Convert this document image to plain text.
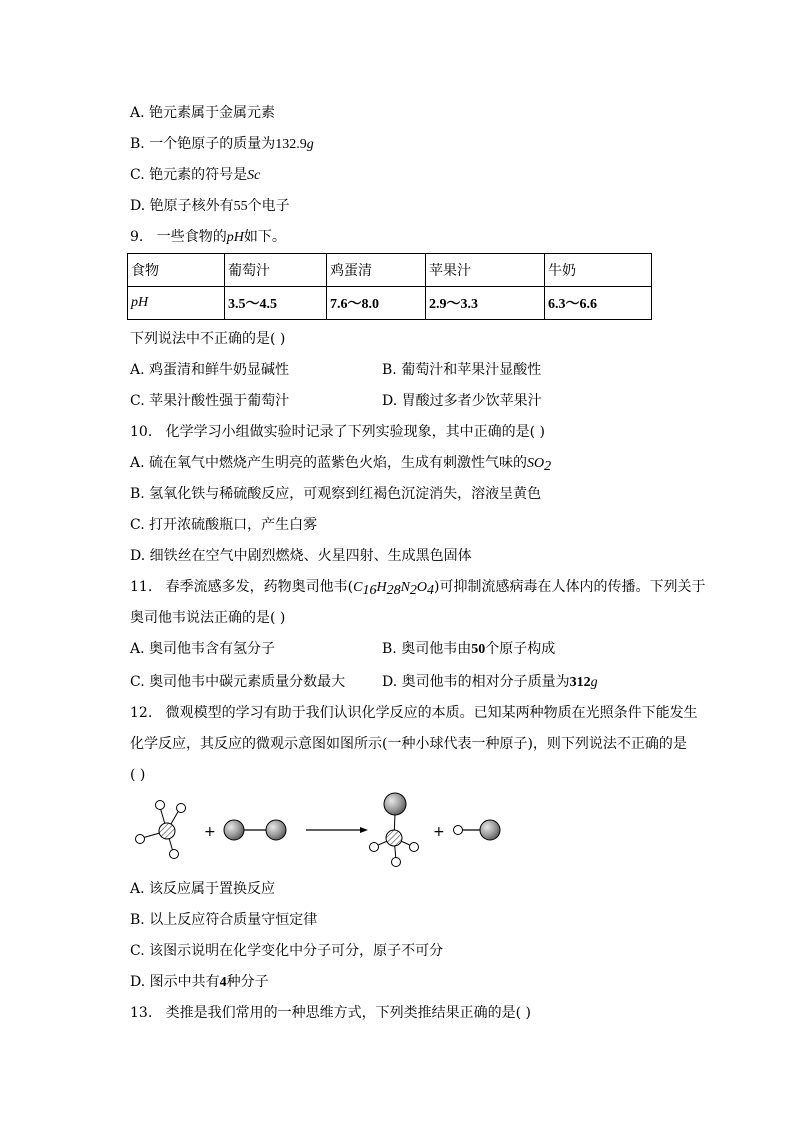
A. 铯元素属于金属元素
B. 一个铯原子的质量为132.9g
C. 铯元素的符号是Sc
D. 铯原子核外有55个电子
9. 一些食物的pH如下。
食物	葡萄汁	鸡蛋清	苹果汁	牛奶
pH	3.5～4.5	7.6～8.0	2.9～3.3	6.3～6.6
下列说法中不正确的是( )
A. 鸡蛋清和鲜牛奶显碱性	B. 葡萄汁和苹果汁显酸性
C. 苹果汁酸性强于葡萄汁	D. 胃酸过多者少饮苹果汁
10. 化学学习小组做实验时记录了下列实验现象，其中正确的是( )
A. 硫在氧气中燃烧产生明亮的蓝紫色火焰，生成有刺激性气味的$SO_2$
B. 氢氧化铁与稀硫酸反应，可观察到红褐色沉淀消失，溶液呈黄色
C. 打开浓硫酸瓶口，产生白雾
D. 细铁丝在空气中剧烈燃烧、火星四射、生成黑色固体
11. 春季流感多发，药物奥司他韦$(C_{16}H_{28}N_2O_4)$可抑制流感病毒在人体内的传播。下列关于
奥司他韦说法正确的是( )
A. 奥司他韦含有氢分子	B. 奥司他韦由50个原子构成
C. 奥司他韦中碳元素质量分数最大	D. 奥司他韦的相对分子质量为312g
12. 微观模型的学习有助于我们认识化学反应的本质。已知某两种物质在光照条件下能发生
化学反应，其反应的微观示意图如图所示(一种小球代表一种原子)，则下列说法不正确的是
( )
+	+
A. 该反应属于置换反应
B. 以上反应符合质量守恒定律
C. 该图示说明在化学变化中分子可分，原子不可分
D. 图示中共有4种分子
13. 类推是我们常用的一种思维方式，下列类推结果正确的是( )
